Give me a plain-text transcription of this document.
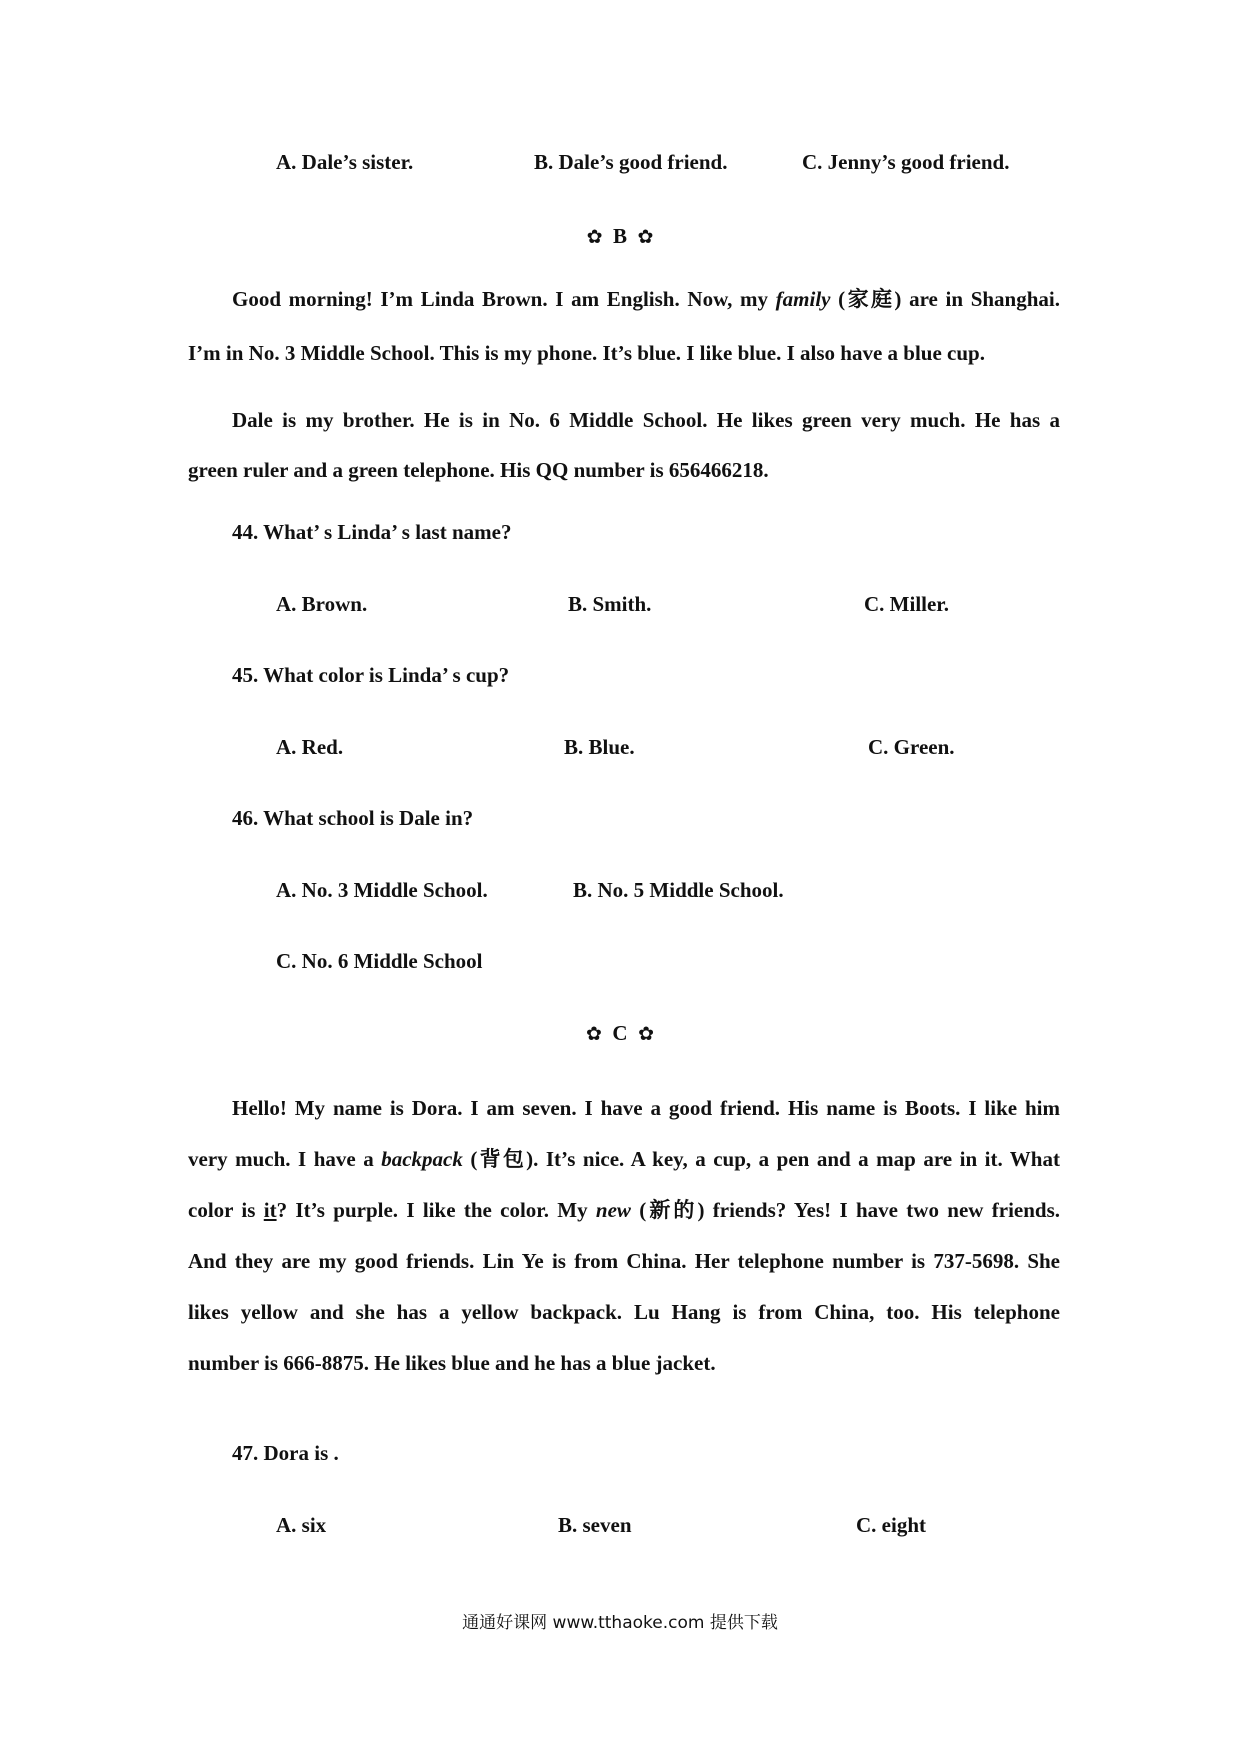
A. Dale’s sister.	B. Dale’s good friend.	C. Jenny’s good friend.
✿ B ✿
Good morning! I’m Linda Brown. I am English. Now, my family (家庭) are in Shanghai.
I’m in No. 3 Middle School. This is my phone. It’s blue. I like blue. I also have a blue cup.
Dale is my brother. He is in No. 6 Middle School. He likes green very much. He has a
green ruler and a green telephone. His QQ number is 656466218.
44. What’ s Linda’ s last name?
A. Brown.	B. Smith.	C. Miller.
45. What color is Linda’ s cup?
A. Red.	B. Blue.	C. Green.
46. What school is Dale in?
A. No. 3 Middle School.	B. No. 5 Middle School.
C. No. 6 Middle School
✿ C ✿
Hello! My name is Dora. I am seven. I have a good friend. His name is Boots. I like him
very much. I have a backpack (背包). It’s nice. A key, a cup, a pen and a map are in it. What
color is it? It’s purple. I like the color. My new (新的) friends? Yes! I have two new friends.
And they are my good friends. Lin Ye is from China. Her telephone number is 737-5698. She
likes yellow and she has a yellow backpack. Lu Hang is from China, too. His telephone
number is 666-8875. He likes blue and he has a blue jacket.
47. Dora is .
A. six	B. seven	C. eight
通通好课网 www.tthaoke.com 提供下载
